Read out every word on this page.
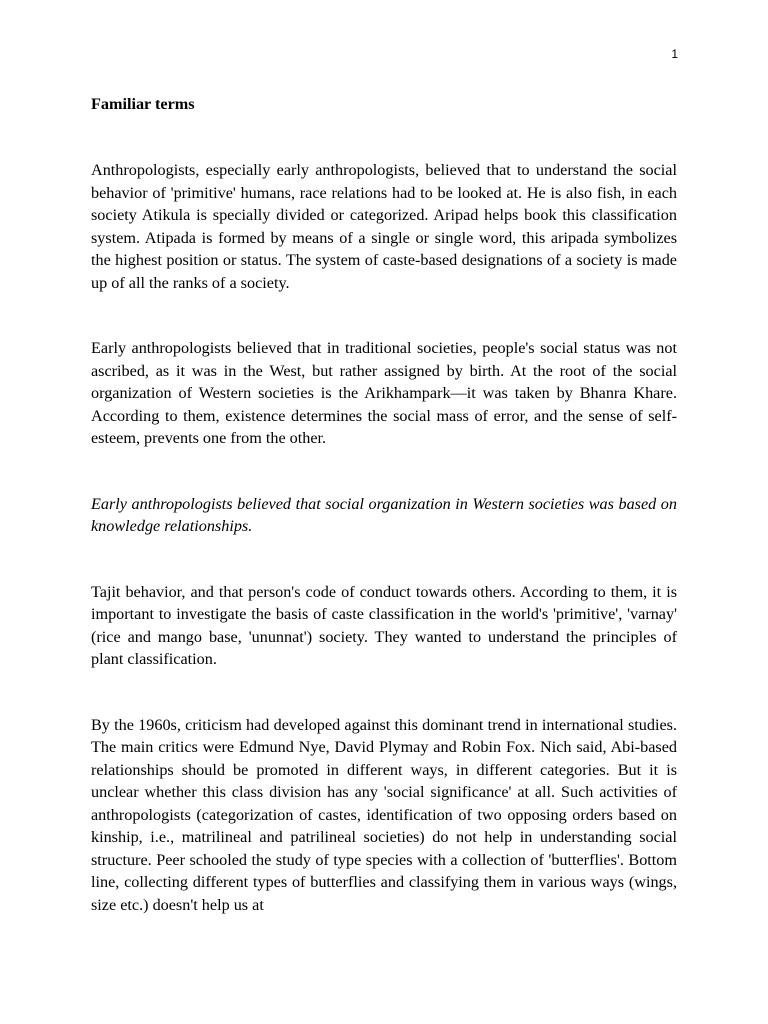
1
Familiar terms

Anthropologists, especially early anthropologists, believed that to understand the social behavior of 'primitive' humans, race relations had to be looked at. He is also fish, in each society Atikula is specially divided or categorized. Aripad helps book this classification system. Atipada is formed by means of a single or single word, this aripada symbolizes the highest position or status. The system of caste-based designations of a society is made up of all the ranks of a society.

Early anthropologists believed that in traditional societies, people's social status was not ascribed, as it was in the West, but rather assigned by birth. At the root of the social organization of Western societies is the Arikhampark—it was taken by Bhanra Khare. According to them, existence determines the social mass of error, and the sense of self-esteem, prevents one from the other.

Early anthropologists believed that social organization in Western societies was based on knowledge relationships.

Tajit behavior, and that person's code of conduct towards others. According to them, it is important to investigate the basis of caste classification in the world's 'primitive', 'varnay' (rice and mango base, 'ununnat') society. They wanted to understand the principles of plant classification.

By the 1960s, criticism had developed against this dominant trend in international studies. The main critics were Edmund Nye, David Plymay and Robin Fox. Nich said, Abi-based relationships should be promoted in different ways, in different categories. But it is unclear whether this class division has any 'social significance' at all. Such activities of anthropologists (categorization of castes, identification of two opposing orders based on kinship, i.e., matrilineal and patrilineal societies) do not help in understanding social structure. Peer schooled the study of type species with a collection of 'butterflies'. Bottom line, collecting different types of butterflies and classifying them in various ways (wings, size etc.) doesn't help us at
